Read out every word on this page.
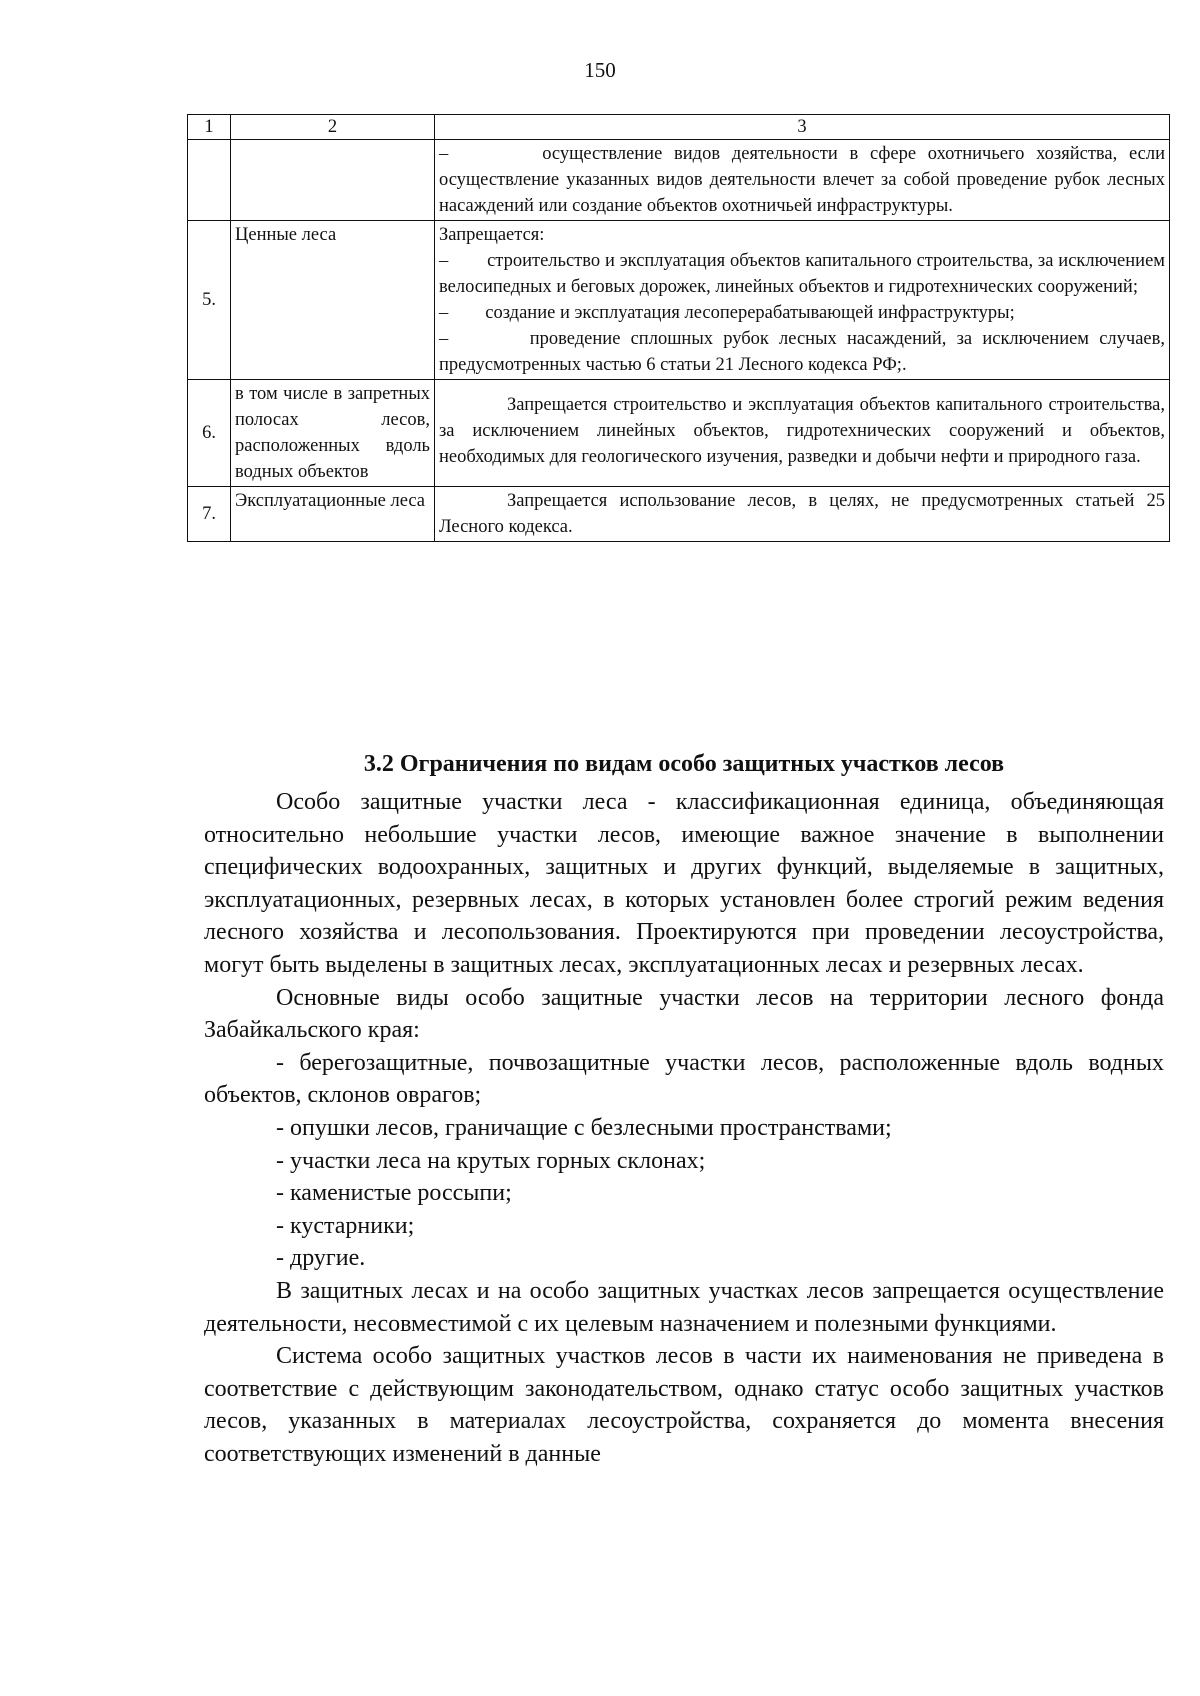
150
1	2	3
		–        осуществление видов деятельности в сфере охотничьего хозяйства, если осуществление указанных видов деятельности влечет за собой проведение рубок лесных насаждений или создание объектов охотничьей инфраструктуры.
5.	Ценные леса	Запрещается:
–        строительство и эксплуатация объектов капитального строительства, за исключением велосипедных и беговых дорожек, линейных объектов и гидротехнических сооружений;
–        создание и эксплуатация лесоперерабатывающей инфраструктуры;
–        проведение сплошных рубок лесных насаждений, за исключением случаев, предусмотренных частью 6 статьи 21 Лесного кодекса РФ;.

6.	в том числе в запретных полосах лесов, расположенных вдоль водных объектов	Запрещается строительство и эксплуатация объектов капитального строительства, за исключением линейных объектов, гидротехнических сооружений и объектов, необходимых для геологического изучения, разведки и добычи нефти и природного газа.
7.	Эксплуатационные леса	Запрещается использование лесов, в целях, не предусмотренных статьей 25 Лесного кодекса.
3.2 Ограничения по видам особо защитных участков лесов

Особо защитные участки леса - классификационная единица, объединяющая относительно небольшие участки лесов, имеющие важное значение в выполнении специфических водоохранных, защитных и других функций, выделяемые в защитных, эксплуатационных, резервных лесах, в которых установлен более строгий режим ведения лесного хозяйства и лесопользования. Проектируются при проведении лесоустройства, могут быть выделены в защитных лесах, эксплуатационных лесах и резервных лесах.

Основные виды особо защитные участки лесов на территории лесного фонда Забайкальского края:

- берегозащитные, почвозащитные участки лесов, расположенные вдоль водных объектов, склонов оврагов;

- опушки лесов, граничащие с безлесными пространствами;

- участки леса на крутых горных склонах;

- каменистые россыпи;

- кустарники;

- другие.

В защитных лесах и на особо защитных участках лесов запрещается осуществление деятельности, несовместимой с их целевым назначением и полезными функциями.

Система особо защитных участков лесов в части их наименования не приведена в соответствие с действующим законодательством, однако статус особо защитных участков лесов, указанных в материалах лесоустройства, сохраняется до момента внесения соответствующих изменений в данные
